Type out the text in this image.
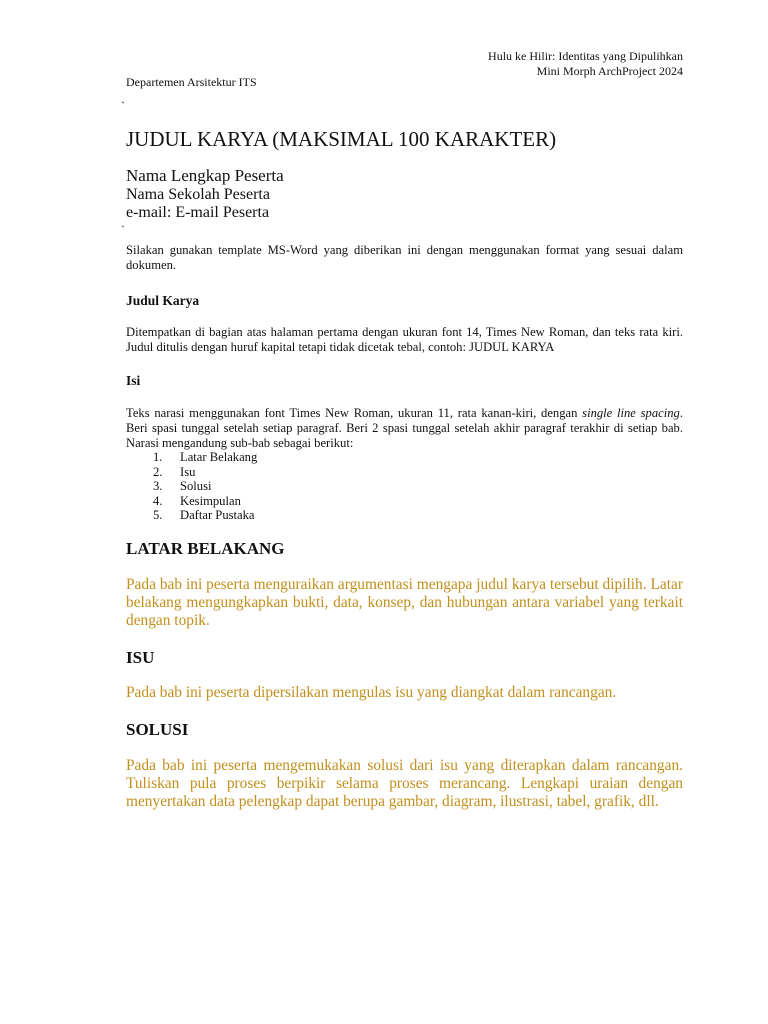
Hulu ke Hilir: Identitas yang Dipulihkan
Mini Morph ArchProject 2024
Departemen Arsitektur ITS
`
JUDUL KARYA (MAKSIMAL 100 KARAKTER)
Nama Lengkap Peserta
Nama Sekolah Peserta
e-mail: E-mail Peserta
`
Silakan gunakan template MS-Word yang diberikan ini dengan menggunakan format yang sesuai dalam dokumen.
Judul Karya
Ditempatkan di bagian atas halaman pertama dengan ukuran font 14, Times New Roman, dan teks rata kiri. Judul ditulis dengan huruf kapital tetapi tidak dicetak tebal, contoh: JUDUL KARYA
Isi
Teks narasi menggunakan font Times New Roman, ukuran 11, rata kanan-kiri, dengan single line spacing. Beri spasi tunggal setelah setiap paragraf. Beri 2 spasi tunggal setelah akhir paragraf terakhir di setiap bab. Narasi mengandung sub-bab sebagai berikut:
1.	Latar Belakang
2.	Isu
3.	Solusi
4.	Kesimpulan
5.	Daftar Pustaka
LATAR BELAKANG
Pada bab ini peserta menguraikan argumentasi mengapa judul karya tersebut dipilih. Latar belakang mengungkapkan bukti, data, konsep, dan hubungan antara variabel yang terkait dengan topik.
ISU
Pada bab ini peserta dipersilakan mengulas isu yang diangkat dalam rancangan.
SOLUSI
Pada bab ini peserta mengemukakan solusi dari isu yang diterapkan dalam rancangan. Tuliskan pula proses berpikir selama proses merancang. Lengkapi uraian dengan menyertakan data pelengkap dapat berupa gambar, diagram, ilustrasi, tabel, grafik, dll.
